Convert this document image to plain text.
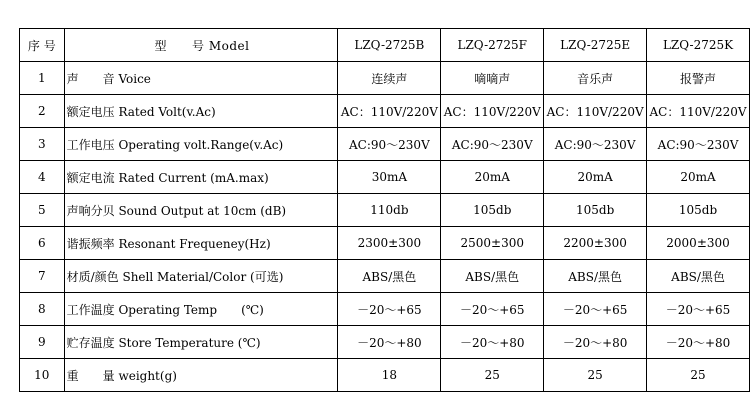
序 号	型　　号 Model	LZQ-2725B	LZQ-2725F	LZQ-2725E	LZQ-2725K
1	声　　音 Voice	连续声	嘀嘀声	音乐声	报警声
2	额定电压 Rated Volt(v.Ac)	AC：110V/220V	AC：110V/220V	AC：110V/220V	AC：110V/220V
3	工作电压 Operating volt.Range(v.Ac)	AC:90～230V	AC:90～230V	AC:90～230V	AC:90～230V
4	额定电流 Rated Current (mA.max)	30mA	20mA	20mA	20mA
5	声响分贝 Sound Output at 10cm (dB)	110db	105db	105db	105db
6	谐振频率 Resonant Frequeney(Hz)	2300±300	2500±300	2200±300	2000±300
7	材质/颜色 Shell Material/Color (可选)	ABS/黑色	ABS/黑色	ABS/黑色	ABS/黑色
8	工作温度 Operating Temp　　(℃)	－20～+65	－20～+65	－20～+65	－20～+65
9	贮存温度 Store Temperature (℃)	－20～+80	－20～+80	－20～+80	－20～+80
10	重　　量 weight(g)	18	25	25	25
